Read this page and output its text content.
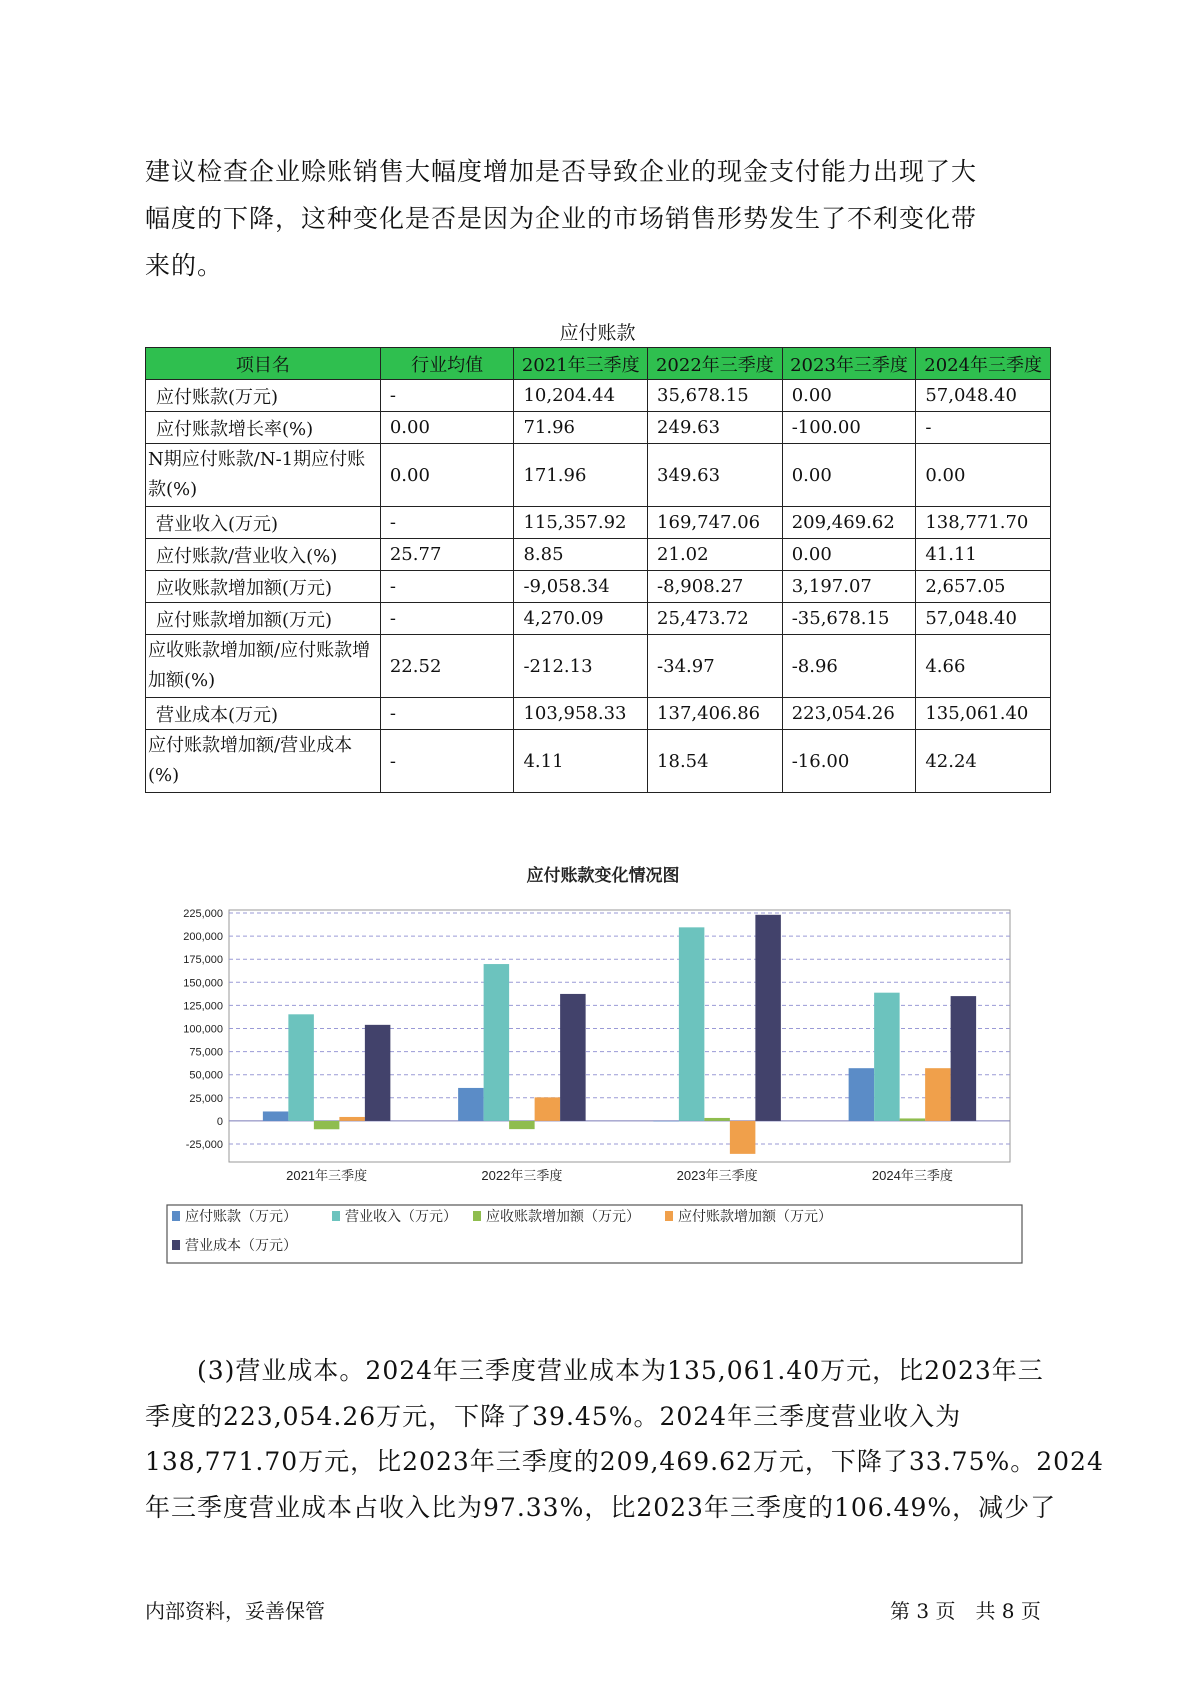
建议检查企业赊账销售大幅度增加是否导致企业的现金支付能力出现了大
幅度的下降，这种变化是否是因为企业的市场销售形势发生了不利变化带
来的。
应付账款
项目名	行业均值	2021年三季度	2022年三季度	2023年三季度	2024年三季度
应付账款(万元)	-	10,204.44	35,678.15	0.00	57,048.40
应付账款增长率(%)	0.00	71.96	249.63	-100.00	-
N期应付账款/N-1期应付账款(%)	0.00	171.96	349.63	0.00	0.00
营业收入(万元)	-	115,357.92	169,747.06	209,469.62	138,771.70
应付账款/营业收入(%)	25.77	8.85	21.02	0.00	41.11
应收账款增加额(万元)	-	-9,058.34	-8,908.27	3,197.07	2,657.05
应付账款增加额(万元)	-	4,270.09	25,473.72	-35,678.15	57,048.40
应收账款增加额/应付账款增加额(%)	22.52	-212.13	-34.97	-8.96	4.66
营业成本(万元)	-	103,958.33	137,406.86	223,054.26	135,061.40
应付账款增加额/营业成本(%)	-	4.11	18.54	-16.00	42.24
应付账款变化情况图
-25,000
0
25,000
50,000
75,000
100,000
125,000
150,000
175,000
200,000
225,000
2021年三季度	2022年三季度	2023年三季度	2024年三季度
应付账款（万元）	营业收入（万元） 应收账款增加额（万元）	应付账款增加额（万元）
营业成本（万元）
　　(3)营业成本。2024年三季度营业成本为135,061.40万元，比2023年三
季度的223,054.26万元，下降了39.45%。2024年三季度营业收入为
138,771.70万元，比2023年三季度的209,469.62万元，下降了33.75%。2024
年三季度营业成本占收入比为97.33%，比2023年三季度的106.49%，减少了
内部资料，妥善保管	第 3 页　共 8 页
